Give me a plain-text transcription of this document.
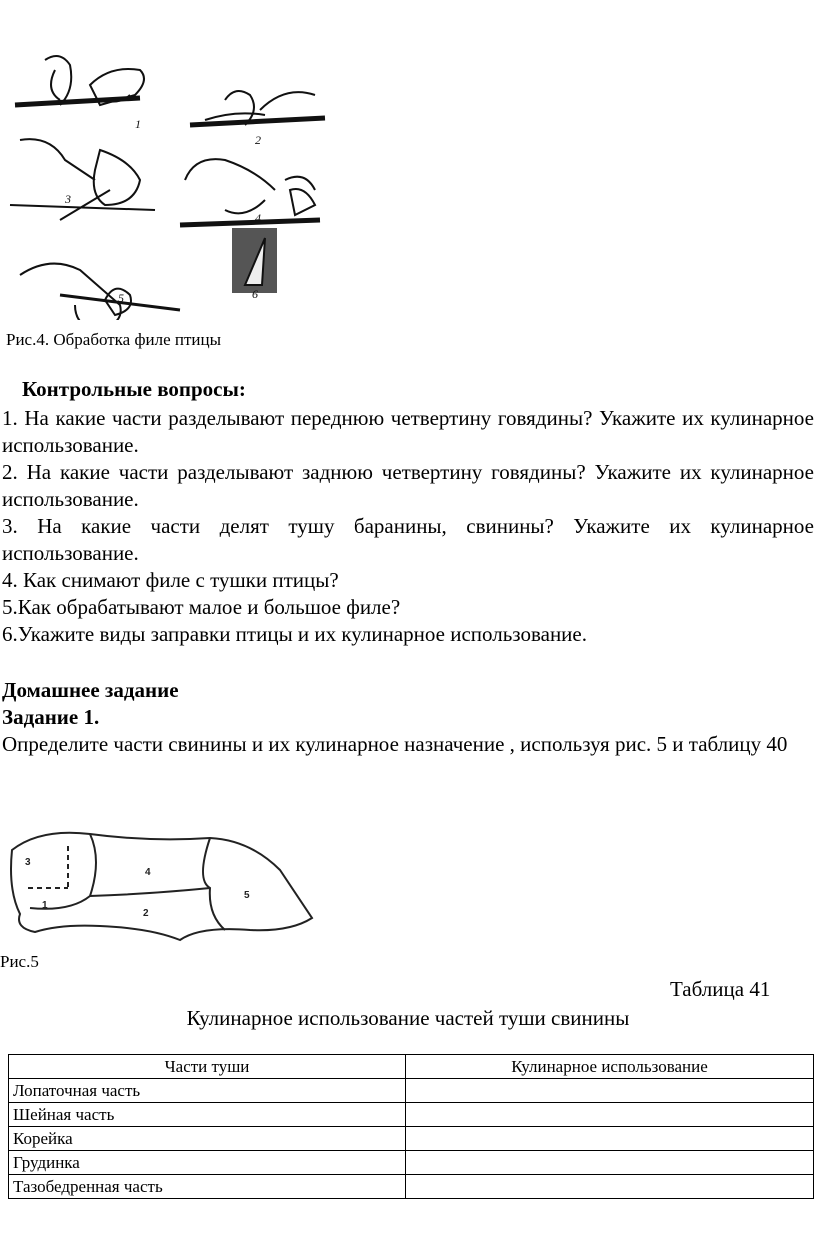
1
2
3
4
5	6
Рис.4. Обработка филе птицы
Контрольные вопросы:
1. На какие части разделывают переднюю четвертину говядины? Укажите их кулинарное использование.
2. На какие части разделывают заднюю четвертину говядины? Укажите их кулинарное использование.
3. На какие части делят тушу баранины, свинины? Укажите их кулинарное использование.
4. Как снимают филе с тушки птицы?
5.Как обрабатывают малое и большое филе?
6.Укажите виды заправки птицы и их кулинарное использование.
Домашнее задание
Задание 1.
Определите части свинины и их кулинарное назначение , используя рис. 5 и таблицу 40
3
4
1
2
5
Рис.5
Таблица 41
Кулинарное использование частей туши свинины
Части туши	Кулинарное использование
Лопаточная часть	
Шейная часть	
Корейка	
Грудинка	
Тазобедренная часть	
